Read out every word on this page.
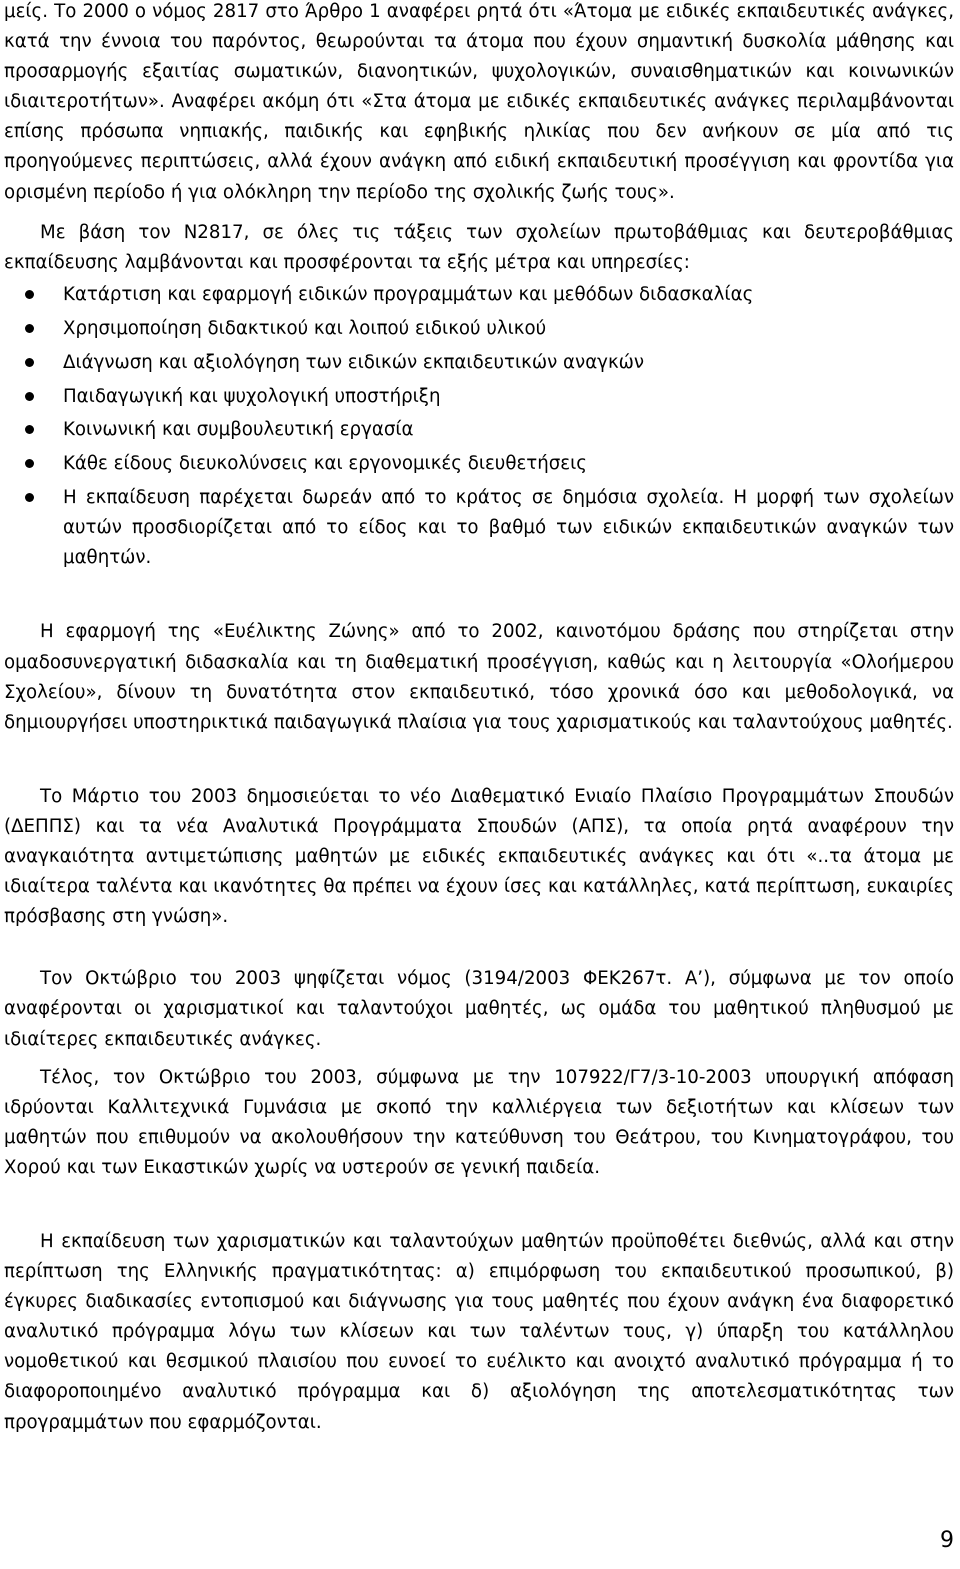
μείς. Το 2000 ο νόμος 2817 στο Άρθρο 1 αναφέρει ρητά ότι «Άτομα με ειδικές εκπαιδευτικές ανάγκες, κατά την έννοια του παρόντος, θεωρούνται τα άτομα που έχουν σημαντική δυσκολία μάθησης και προσαρμογής εξαιτίας σωματικών, διανοητικών, ψυχολογικών, συναισθηματικών και κοινωνικών ιδιαιτεροτήτων». Αναφέρει ακόμη ότι «Στα άτομα με ειδικές εκπαιδευτικές ανάγκες περιλαμβάνονται επίσης πρόσωπα νηπιακής, παιδικής και εφηβικής ηλικίας που δεν ανήκουν σε μία από τις προηγούμενες περιπτώσεις, αλλά έχουν ανάγκη από ειδική εκπαιδευτική προσέγγιση και φροντίδα για ορισμένη περίοδο ή για ολόκληρη την περίοδο της σχολικής ζωής τους».

Με βάση τον Ν2817, σε όλες τις τάξεις των σχολείων πρωτοβάθμιας και δευτεροβάθμιας εκπαίδευσης λαμβάνονται και προσφέρονται τα εξής μέτρα και υπηρεσίες:

Κατάρτιση και εφαρμογή ειδικών προγραμμάτων και μεθόδων διδασκαλίας
Χρησιμοποίηση διδακτικού και λοιπού ειδικού υλικού
Διάγνωση και αξιολόγηση των ειδικών εκπαιδευτικών αναγκών
Παιδαγωγική και ψυχολογική υποστήριξη
Κοινωνική και συμβουλευτική εργασία
Κάθε είδους διευκολύνσεις και εργονομικές διευθετήσεις
Η εκπαίδευση παρέχεται δωρεάν από το κράτος σε δημόσια σχολεία. Η μορφή των σχολείων αυτών προσδιορίζεται από το είδος και το βαθμό των ειδικών εκπαιδευτικών αναγκών των μαθητών.

Η εφαρμογή της «Ευέλικτης Ζώνης» από το 2002, καινοτόμου δράσης που στηρίζεται στην ομαδοσυνεργατική διδασκαλία και τη διαθεματική προσέγγιση, καθώς και η λειτουργία «Ολοήμερου Σχολείου», δίνουν τη δυνατότητα στον εκπαιδευτικό, τόσο χρονικά όσο και μεθοδολογικά, να δημιουργήσει υποστηρικτικά παιδαγωγικά πλαίσια για τους χαρισματικούς και ταλαντούχους μαθητές.

Το Μάρτιο του 2003 δημοσιεύεται το νέο Διαθεματικό Ενιαίο Πλαίσιο Προγραμμάτων Σπουδών (ΔΕΠΠΣ) και τα νέα Αναλυτικά Προγράμματα Σπουδών (ΑΠΣ), τα οποία ρητά αναφέρουν την αναγκαιότητα αντιμετώπισης μαθητών με ειδικές εκπαιδευτικές ανάγκες και ότι «..τα άτομα με ιδιαίτερα ταλέντα και ικανότητες θα πρέπει να έχουν ίσες και κατάλληλες, κατά περίπτωση, ευκαιρίες πρόσβασης στη γνώση».

Τον Οκτώβριο του 2003 ψηφίζεται νόμος (3194/2003 ΦΕΚ267τ. Α’), σύμφωνα με τον οποίο αναφέρονται οι χαρισματικοί και ταλαντούχοι μαθητές, ως ομάδα του μαθητικού πληθυσμού με ιδιαίτερες εκπαιδευτικές ανάγκες.

Τέλος, τον Οκτώβριο του 2003, σύμφωνα με την 107922/Γ7/3-10-2003 υπουργική απόφαση ιδρύονται Καλλιτεχνικά Γυμνάσια με σκοπό την καλλιέργεια των δεξιοτήτων και κλίσεων των μαθητών που επιθυμούν να ακολουθήσουν την κατεύθυνση του Θεάτρου, του Κινηματογράφου, του Χορού και των Εικαστικών χωρίς να υστερούν σε γενική παιδεία.

Η εκπαίδευση των χαρισματικών και ταλαντούχων μαθητών προϋποθέτει διεθνώς, αλλά και στην περίπτωση της Ελληνικής πραγματικότητας: α) επιμόρφωση του εκπαιδευτικού προσωπικού, β) έγκυρες διαδικασίες εντοπισμού και διάγνωσης για τους μαθητές που έχουν ανάγκη ένα διαφορετικό αναλυτικό πρόγραμμα λόγω των κλίσεων και των ταλέντων τους, γ) ύπαρξη του κατάλληλου νομοθετικού και θεσμικού πλαισίου που ευνοεί το ευέλικτο και ανοιχτό αναλυτικό πρόγραμμα ή το διαφοροποιημένο αναλυτικό πρόγραμμα και δ) αξιολόγηση της αποτελεσματικότητας των προγραμμάτων που εφαρμόζονται.

9
